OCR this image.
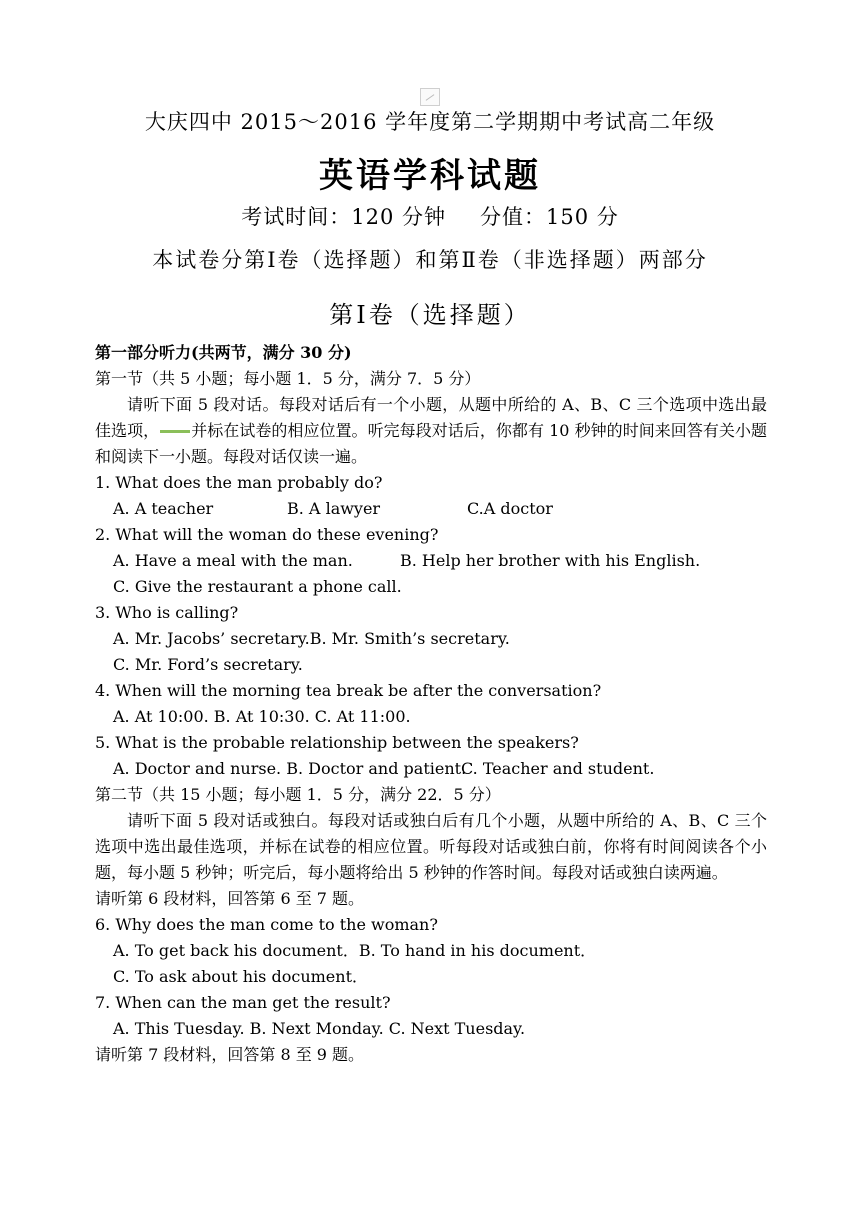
大庆四中 2015～2016 学年度第二学期期中考试高二年级
英语学科试题
考试时间：120 分钟 分值：150 分
本试卷分第Ⅰ卷（选择题）和第Ⅱ卷（非选择题）两部分
第Ⅰ卷（选择题）

第一部分听力(共两节，满分 30 分)

第一节（共 5 小题；每小题 1．5 分，满分 7．5 分）

请听下面 5 段对话。每段对话后有一个小题，从题中所给的 A、B、C 三个选项中选出最佳选项， 并标在试卷的相应位置。听完每段对话后，你都有 10 秒钟的时间来回答有关小题和阅读下一小题。每段对话仅读一遍。

1. What does the man probably do?

A. A teacher	B. A lawyer	C.A doctor

2. What will the woman do these evening?

A. Have a meal with the man.	B. Help her brother with his English.

C. Give the restaurant a phone call.

3. Who is calling?

A. Mr. Jacobs’ secretary.B. Mr. Smith’s secretary.

C. Mr. Ford’s secretary.

4. When will the morning tea break be after the conversation?

A. At 10:00. B. At 10:30. C. At 11:00.

5. What is the probable relationship between the speakers?

A. Doctor and nurse. B. Doctor and patient.C. Teacher and student.

第二节（共 15 小题；每小题 1．5 分，满分 22．5 分）

请听下面 5 段对话或独白。每段对话或独白后有几个小题，从题中所给的 A、B、C 三个选项中选出最佳选项，并标在试卷的相应位置。听每段对话或独白前，你将有时间阅读各个小题，每小题 5 秒钟；听完后，每小题将给出 5 秒钟的作答时间。每段对话或独白读两遍。

请听第 6 段材料，回答第 6 至 7 题。

6. Why does the man come to the woman?

A. To get back his document．B. To hand in his document．

C. To ask about his document．

7. When can the man get the result?

A. This Tuesday. B. Next Monday. C. Next Tuesday.

请听第 7 段材料，回答第 8 至 9 题。
